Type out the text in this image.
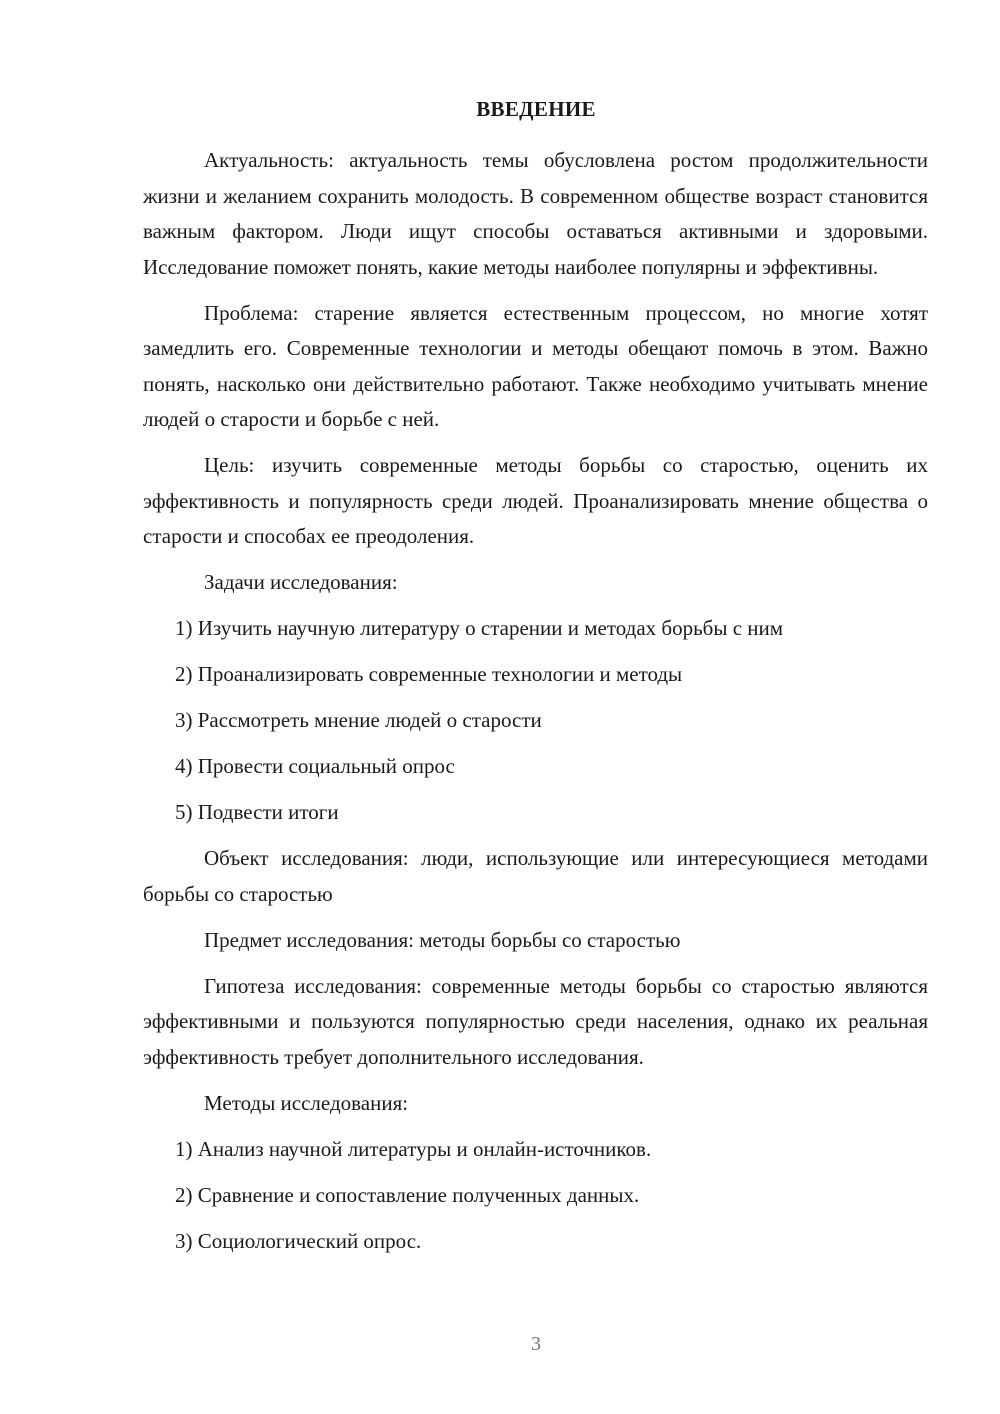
ВВЕДЕНИЕ

Актуальность: актуальность темы обусловлена ростом продолжительности жизни и желанием сохранить молодость. В современном обществе возраст становится важным фактором. Люди ищут способы оставаться активными и здоровыми. Исследование поможет понять, какие методы наиболее популярны и эффективны.

Проблема: старение является естественным процессом, но многие хотят замедлить его. Современные технологии и методы обещают помочь в этом. Важно понять, насколько они действительно работают. Также необходимо учитывать мнение людей о старости и борьбе с ней.

Цель: изучить современные методы борьбы со старостью, оценить их эффективность и популярность среди людей. Проанализировать мнение общества о старости и способах ее преодоления.

Задачи исследования:

1) Изучить научную литературу о старении и методах борьбы с ним

2) Проанализировать современные технологии и методы

3) Рассмотреть мнение людей о старости

4) Провести социальный опрос

5) Подвести итоги

Объект исследования: люди, использующие или интересующиеся методами борьбы со старостью

Предмет исследования: методы борьбы со старостью

Гипотеза исследования: современные методы борьбы со старостью являются эффективными и пользуются популярностью среди населения, однако их реальная эффективность требует дополнительного исследования.

Методы исследования:

1) Анализ научной литературы и онлайн-источников.

2) Сравнение и сопоставление полученных данных.

3) Социологический опрос.

3
